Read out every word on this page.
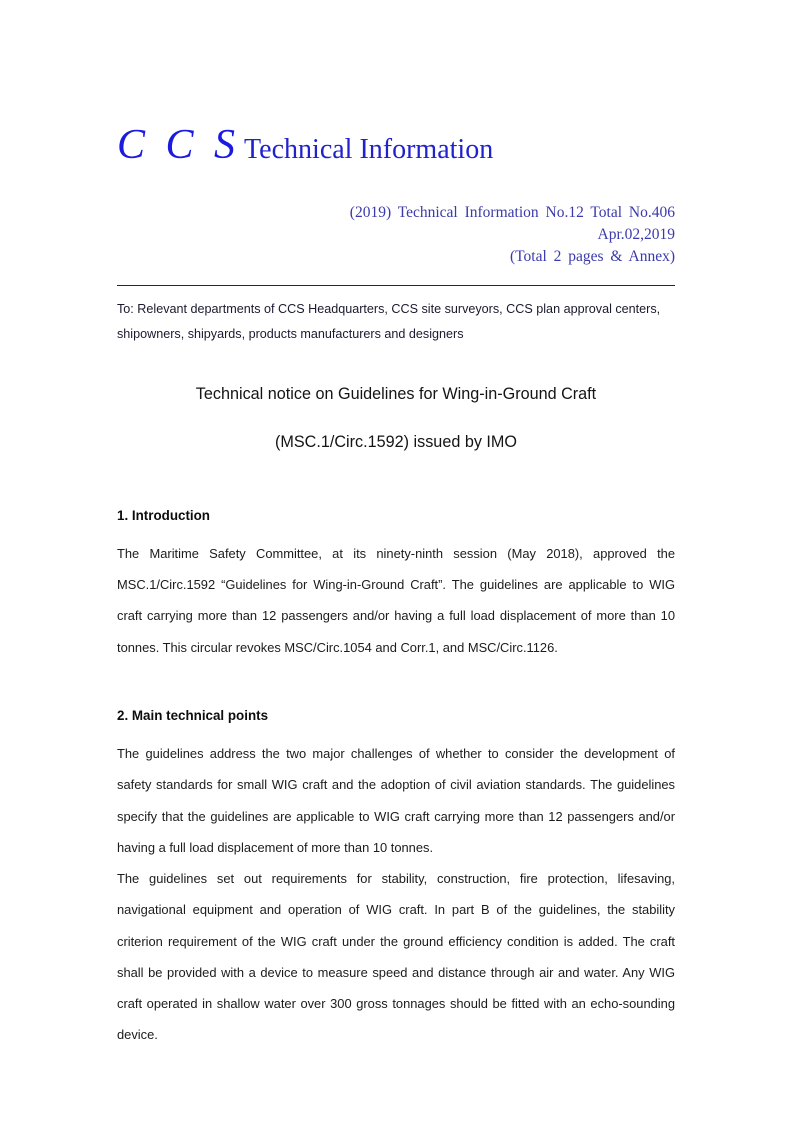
C C S Technical Information
(2019) Technical Information No.12 Total No.406
Apr.02,2019
(Total 2 pages & Annex)
To: Relevant departments of CCS Headquarters, CCS site surveyors, CCS plan approval centers, shipowners, shipyards, products manufacturers and designers
Technical notice on Guidelines for Wing-in-Ground Craft
(MSC.1/Circ.1592) issued by IMO
1. Introduction

The Maritime Safety Committee, at its ninety-ninth session (May 2018), approved the MSC.1/Circ.1592 “Guidelines for Wing-in-Ground Craft”. The guidelines are applicable to WIG craft carrying more than 12 passengers and/or having a full load displacement of more than 10 tonnes. This circular revokes MSC/Circ.1054 and Corr.1, and MSC/Circ.1126.

2. Main technical points

The guidelines address the two major challenges of whether to consider the development of safety standards for small WIG craft and the adoption of civil aviation standards. The guidelines specify that the guidelines are applicable to WIG craft carrying more than 12 passengers and/or having a full load displacement of more than 10 tonnes.

The guidelines set out requirements for stability, construction, fire protection, lifesaving, navigational equipment and operation of WIG craft. In part B of the guidelines, the stability criterion requirement of the WIG craft under the ground efficiency condition is added. The craft shall be provided with a device to measure speed and distance through air and water. Any WIG craft operated in shallow water over 300 gross tonnages should be fitted with an echo-sounding device.
